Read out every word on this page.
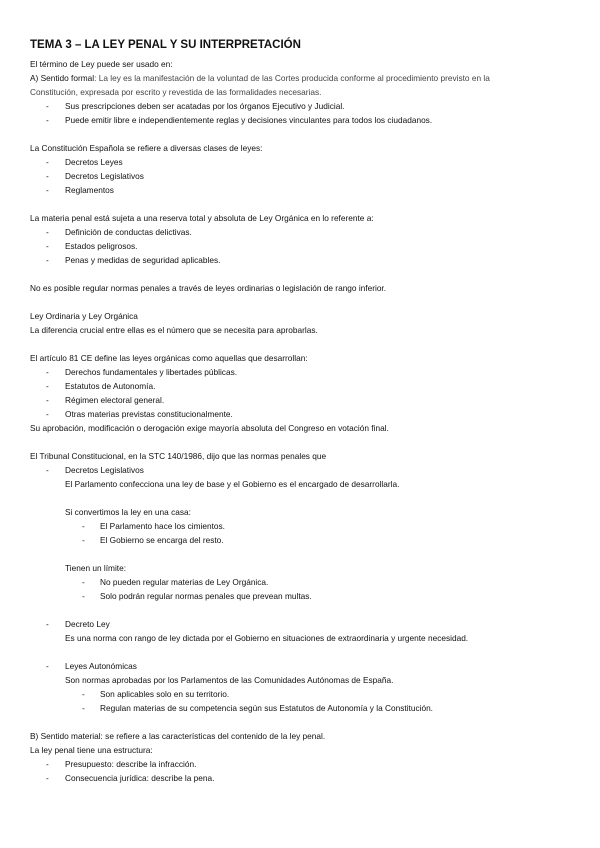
TEMA 3 – LA LEY PENAL Y SU INTERPRETACIÓN

El término de Ley puede ser usado en:

A) Sentido formal: La ley es la manifestación de la voluntad de las Cortes producida conforme al procedimiento previsto en la

Constitución, expresada por escrito y revestida de las formalidades necesarias.

- Sus prescripciones deben ser acatadas por los órganos Ejecutivo y Judicial.
- Puede emitir libre e independientemente reglas y decisiones vinculantes para todos los ciudadanos.

La Constitución Española se refiere a diversas clases de leyes:

- Decretos Leyes
- Decretos Legislativos
- Reglamentos

La materia penal está sujeta a una reserva total y absoluta de Ley Orgánica en lo referente a:

- Definición de conductas delictivas.
- Estados peligrosos.
- Penas y medidas de seguridad aplicables.

No es posible regular normas penales a través de leyes ordinarias o legislación de rango inferior.

Ley Ordinaria y Ley Orgánica

La diferencia crucial entre ellas es el número que se necesita para aprobarlas.

El artículo 81 CE define las leyes orgánicas como aquellas que desarrollan:

- Derechos fundamentales y libertades públicas.
- Estatutos de Autonomía.
- Régimen electoral general.
- Otras materias previstas constitucionalmente.

Su aprobación, modificación o derogación exige mayoría absoluta del Congreso en votación final.

El Tribunal Constitucional, en la STC 140/1986, dijo que las normas penales que

- Decretos Legislativos

El Parlamento confecciona una ley de base y el Gobierno es el encargado de desarrollarla.

Si convertimos la ley en una casa:

- El Parlamento hace los cimientos.
- El Gobierno se encarga del resto.

Tienen un límite:

- No pueden regular materias de Ley Orgánica.
- Solo podrán regular normas penales que prevean multas.
- Decreto Ley

Es una norma con rango de ley dictada por el Gobierno en situaciones de extraordinaria y urgente necesidad.

- Leyes Autonómicas

Son normas aprobadas por los Parlamentos de las Comunidades Autónomas de España.

- Son aplicables solo en su territorio.
- Regulan materias de su competencia según sus Estatutos de Autonomía y la Constitución.

B) Sentido material: se refiere a las características del contenido de la ley penal.

La ley penal tiene una estructura:

- Presupuesto: describe la infracción.
- Consecuencia jurídica: describe la pena.
